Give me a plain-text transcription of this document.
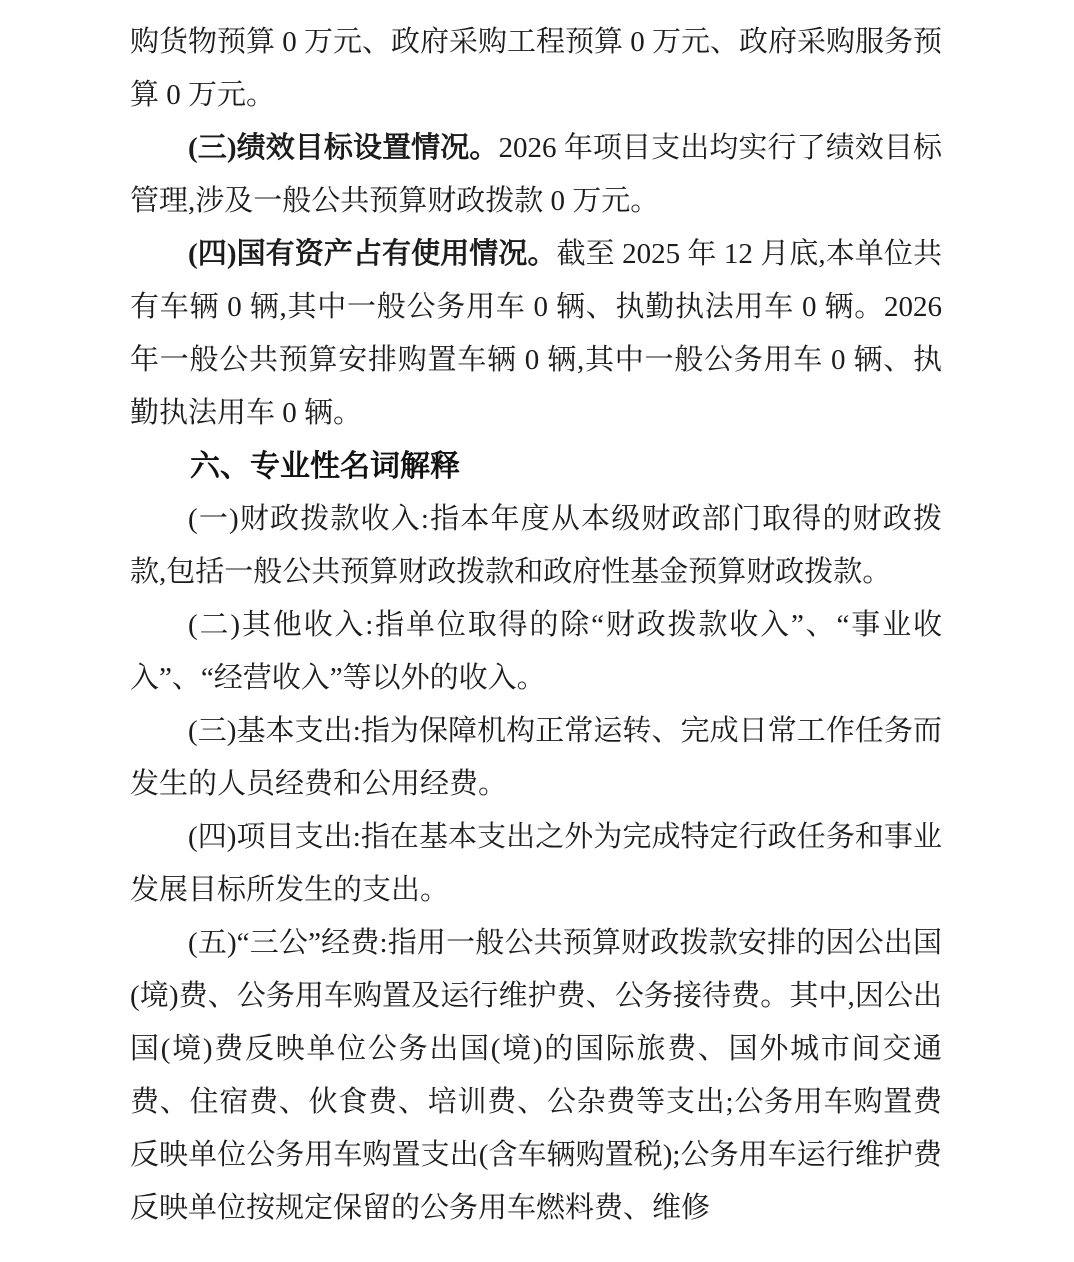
购货物预算 0 万元、政府采购工程预算 0 万元、政府采购服务预算 0 万元。

(三)绩效目标设置情况。2026 年项目支出均实行了绩效目标管理,涉及一般公共预算财政拨款 0 万元。

(四)国有资产占有使用情况。截至 2025 年 12 月底,本单位共有车辆 0 辆,其中一般公务用车 0 辆、执勤执法用车 0 辆。2026 年一般公共预算安排购置车辆 0 辆,其中一般公务用车 0 辆、执勤执法用车 0 辆。

六、专业性名词解释

(一)财政拨款收入:指本年度从本级财政部门取得的财政拨款,包括一般公共预算财政拨款和政府性基金预算财政拨款。

(二)其他收入:指单位取得的除“财政拨款收入”、“事业收入”、“经营收入”等以外的收入。

(三)基本支出:指为保障机构正常运转、完成日常工作任务而发生的人员经费和公用经费。

(四)项目支出:指在基本支出之外为完成特定行政任务和事业发展目标所发生的支出。

(五)“三公”经费:指用一般公共预算财政拨款安排的因公出国(境)费、公务用车购置及运行维护费、公务接待费。其中,因公出国(境)费反映单位公务出国(境)的国际旅费、国外城市间交通费、住宿费、伙食费、培训费、公杂费等支出;公务用车购置费反映单位公务用车购置支出(含车辆购置税);公务用车运行维护费反映单位按规定保留的公务用车燃料费、维修
